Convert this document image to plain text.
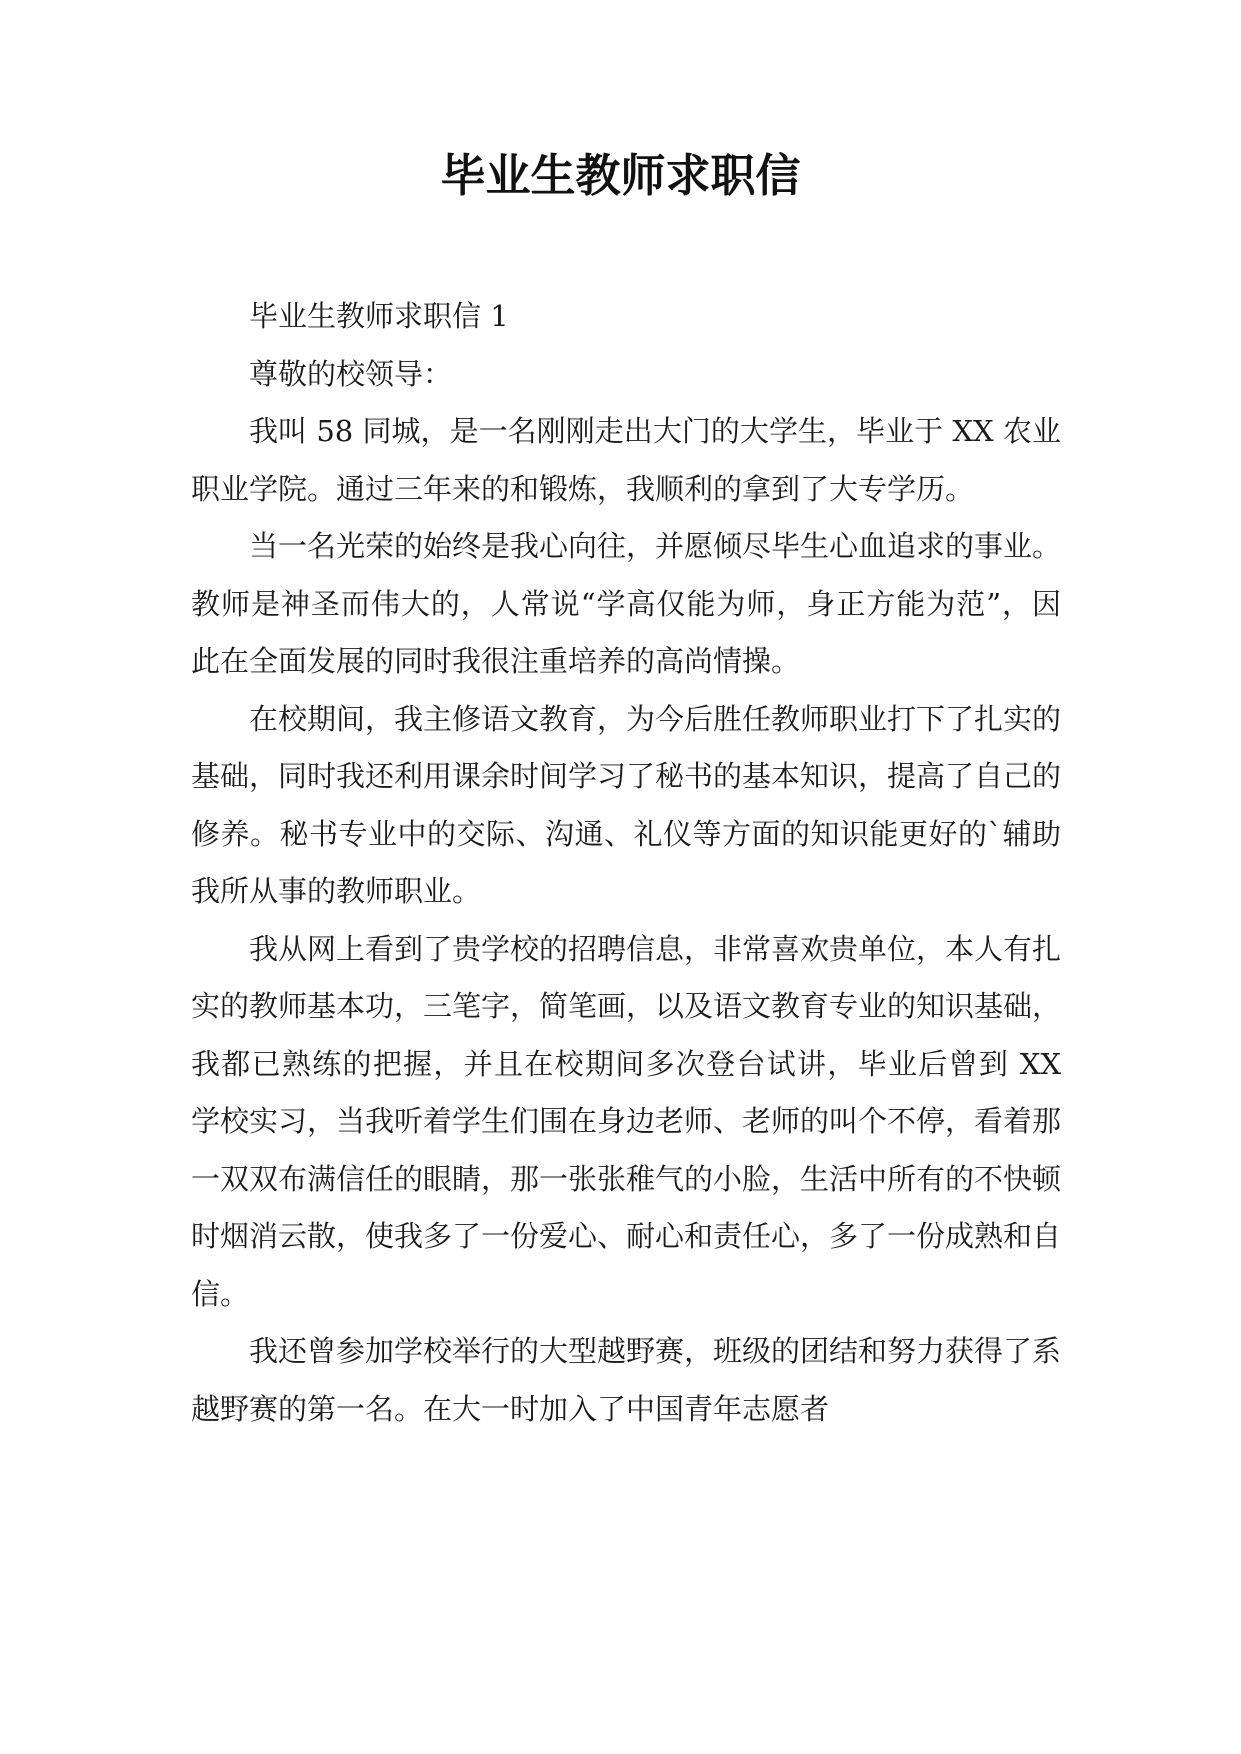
毕业生教师求职信

毕业生教师求职信 1

尊敬的校领导：

我叫 58 同城，是一名刚刚走出大门的大学生，毕业于 XX 农业职业学院。通过三年来的和锻炼，我顺利的拿到了大专学历。

当一名光荣的始终是我心向往，并愿倾尽毕生心血追求的事业。教师是神圣而伟大的，人常说“学高仅能为师，身正方能为范”，因此在全面发展的同时我很注重培养的高尚情操。

在校期间，我主修语文教育，为今后胜任教师职业打下了扎实的基础，同时我还利用课余时间学习了秘书的基本知识，提高了自己的修养。秘书专业中的交际、沟通、礼仪等方面的知识能更好的`辅助我所从事的教师职业。

我从网上看到了贵学校的招聘信息，非常喜欢贵单位，本人有扎实的教师基本功，三笔字，简笔画，以及语文教育专业的知识基础，我都已熟练的把握，并且在校期间多次登台试讲，毕业后曾到 XX 学校实习，当我听着学生们围在身边老师、老师的叫个不停，看着那一双双布满信任的眼睛，那一张张稚气的小脸，生活中所有的不快顿时烟消云散，使我多了一份爱心、耐心和责任心，多了一份成熟和自信。

我还曾参加学校举行的大型越野赛，班级的团结和努力获得了系越野赛的第一名。在大一时加入了中国青年志愿者
